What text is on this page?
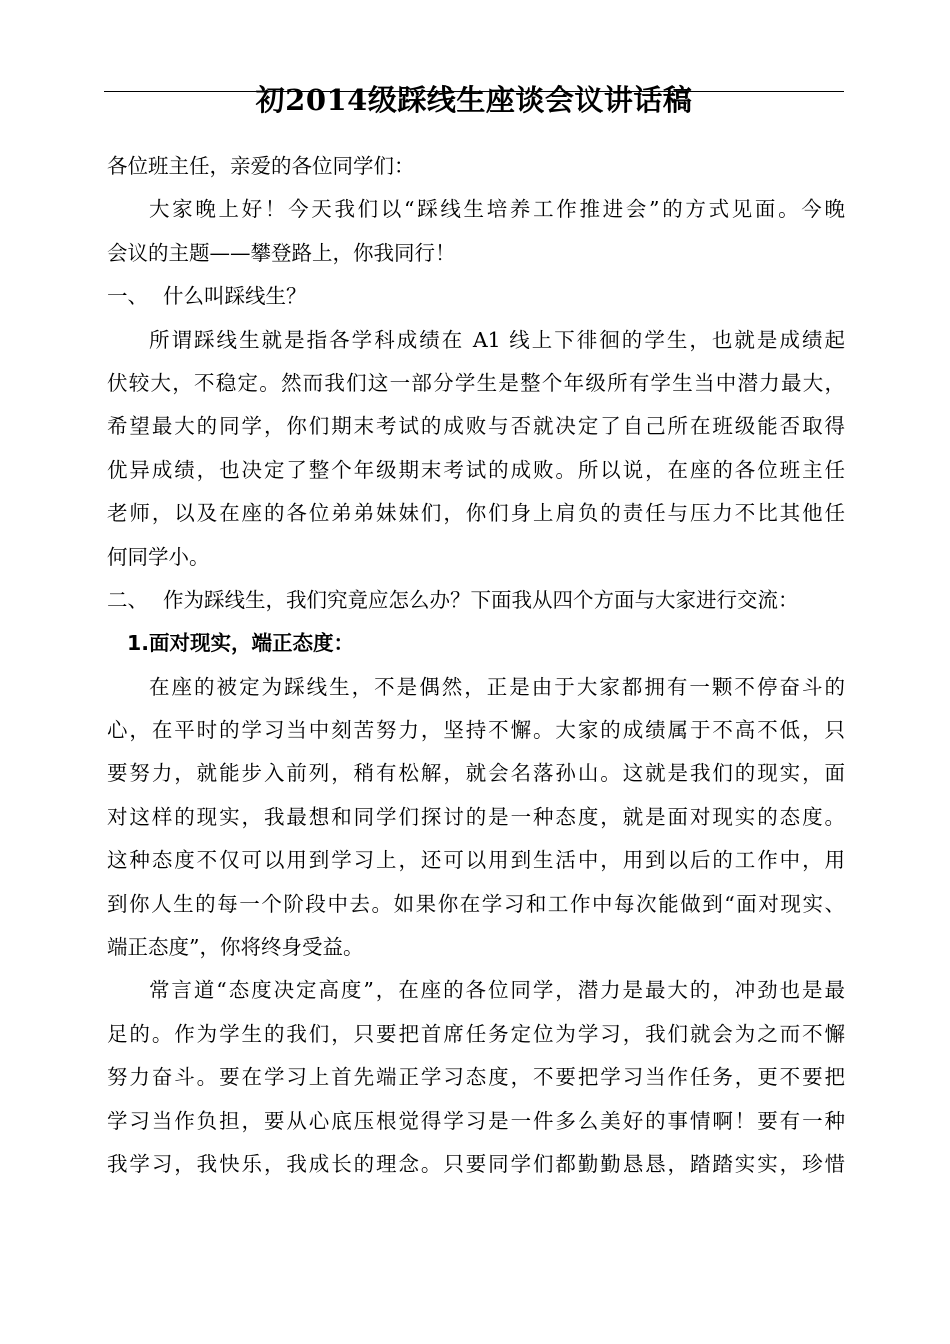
初2014级踩线生座谈会议讲话稿
各位班主任，亲爱的各位同学们：
大家晚上好！今天我们以“踩线生培养工作推进会”的方式见面。今晚
会议的主题——攀登路上，你我同行！
一、 什么叫踩线生？
所谓踩线生就是指各学科成绩在 A1 线上下徘徊的学生，也就是成绩起
伏较大，不稳定。然而我们这一部分学生是整个年级所有学生当中潜力最大，
希望最大的同学，你们期末考试的成败与否就决定了自己所在班级能否取得
优异成绩，也决定了整个年级期末考试的成败。所以说，在座的各位班主任
老师，以及在座的各位弟弟妹妹们，你们身上肩负的责任与压力不比其他任
何同学小。
二、 作为踩线生，我们究竟应怎么办？下面我从四个方面与大家进行交流：
1.面对现实，端正态度：
在座的被定为踩线生，不是偶然，正是由于大家都拥有一颗不停奋斗的
心，在平时的学习当中刻苦努力，坚持不懈。大家的成绩属于不高不低，只
要努力，就能步入前列，稍有松解，就会名落孙山。这就是我们的现实，面
对这样的现实，我最想和同学们探讨的是一种态度，就是面对现实的态度。
这种态度不仅可以用到学习上，还可以用到生活中，用到以后的工作中，用
到你人生的每一个阶段中去。如果你在学习和工作中每次能做到“面对现实、
端正态度”，你将终身受益。
常言道“态度决定高度”，在座的各位同学，潜力是最大的，冲劲也是最
足的。作为学生的我们，只要把首席任务定位为学习，我们就会为之而不懈
努力奋斗。要在学习上首先端正学习态度，不要把学习当作任务，更不要把
学习当作负担，要从心底压根觉得学习是一件多么美好的事情啊！要有一种
我学习，我快乐，我成长的理念。只要同学们都勤勤恳恳，踏踏实实，珍惜
